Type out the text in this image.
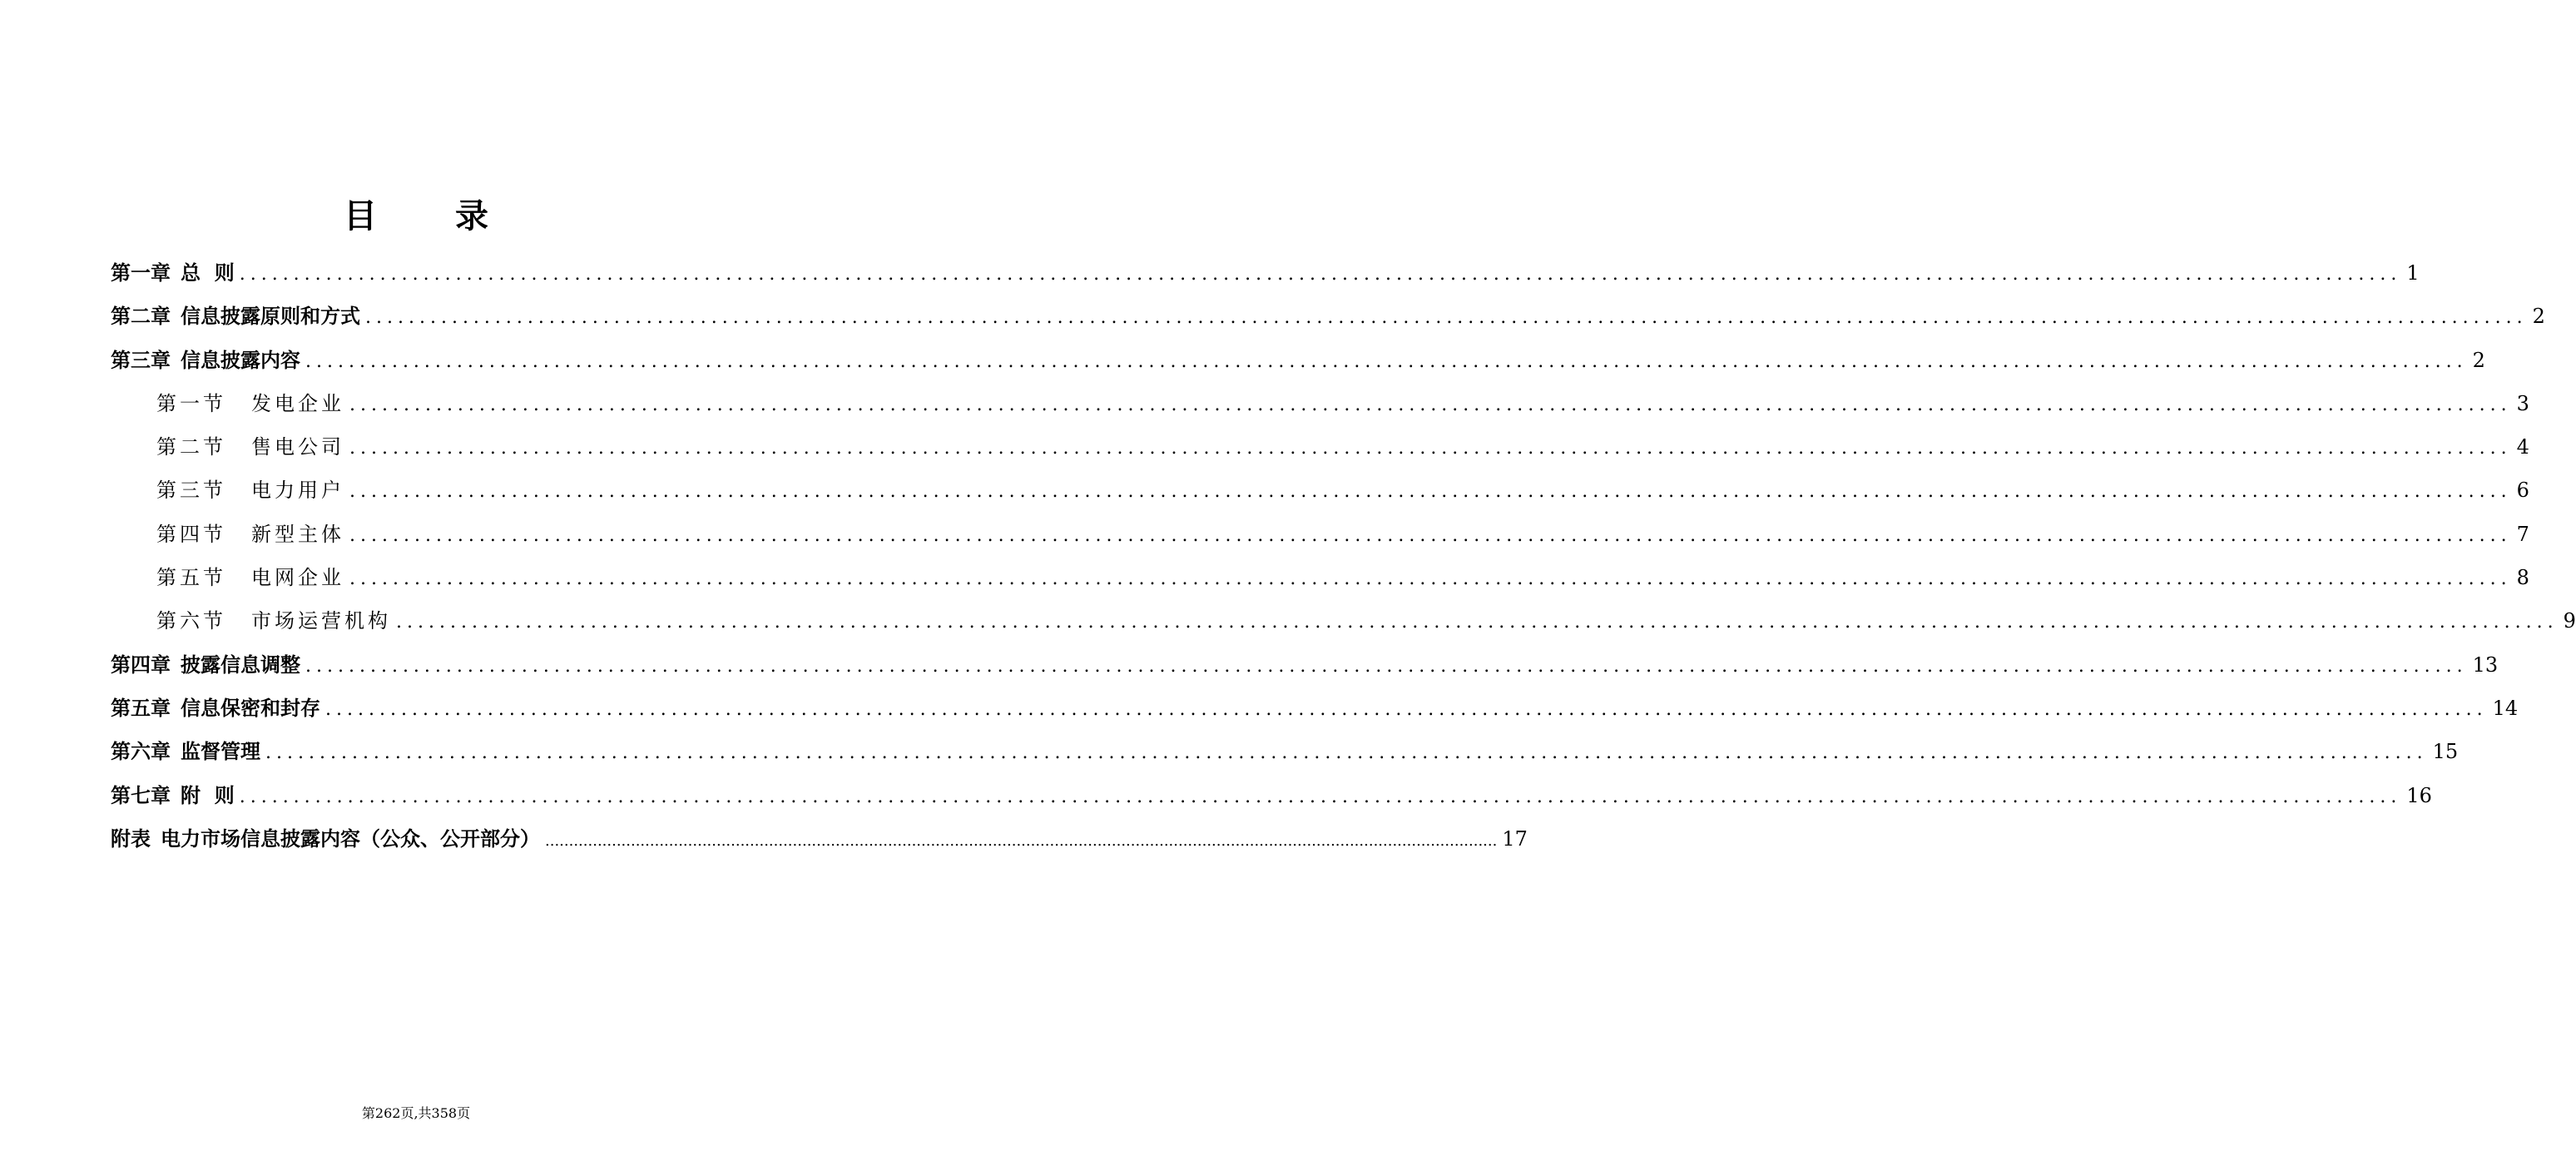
目 录
第一章 总  则 ........................................................................................................................................................................................................ 1
第二章 信息披露原则和方式 ........................................................................................................................................................................................................ 2
第三章 信息披露内容 ........................................................................................................................................................................................................ 2
第一节 发电企业 ........................................................................................................................................................................................................ 3
第二节 售电公司 ........................................................................................................................................................................................................ 4
第三节 电力用户 ........................................................................................................................................................................................................ 6
第四节 新型主体 ........................................................................................................................................................................................................ 7
第五节 电网企业 ........................................................................................................................................................................................................ 8
第六节 市场运营机构 ........................................................................................................................................................................................................ 9
第四章 披露信息调整 ........................................................................................................................................................................................................ 13
第五章 信息保密和封存 ........................................................................................................................................................................................................ 14
第六章 监督管理 ........................................................................................................................................................................................................ 15
第七章 附  则 ........................................................................................................................................................................................................ 16
附表 电力市场信息披露内容（公众、公开部分） ........................................................................................................................................................................................................ 17
第262页,共358页
